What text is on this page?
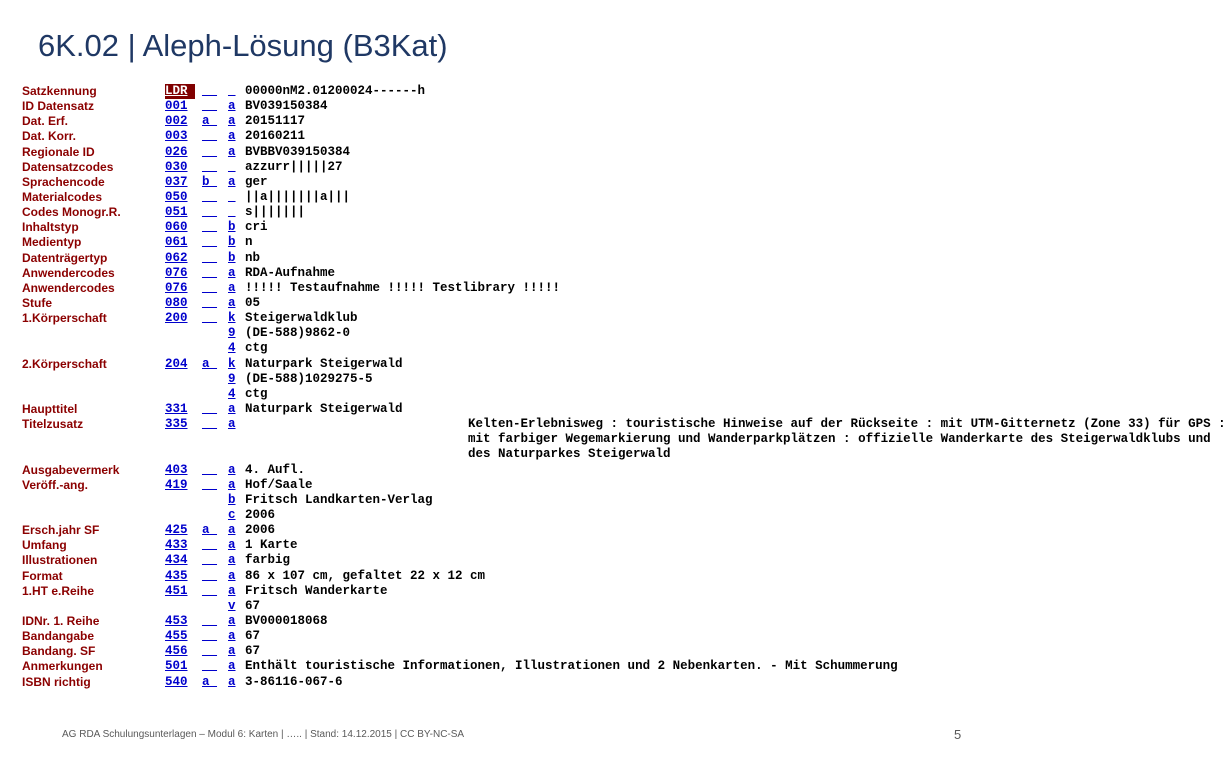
6K.02 | Aleph-Lösung (B3Kat)
Satzkennung	LDR	__ _ 00000nM2.01200024------h
ID Datensatz	001	__ a BV039150384
Dat. Erf.	002	a_ a 20151117
Dat. Korr.	003	__ a 20160211
Regionale ID	026	__ a BVBBV039150384
Datensatzcodes	030	__ _ azzurr|||||27
Sprachencode	037	b_ a ger
Materialcodes	050	__ _ ||a|||||||a|||
Codes Monogr.R.	051	__ _ s|||||||
Inhaltstyp	060	__ b cri
Medientyp	061	__ b n
Datenträgertyp	062	__ b nb
Anwendercodes	076	__ a RDA-Aufnahme
Anwendercodes	076	__ a !!!!! Testaufnahme !!!!! Testlibrary !!!!!
Stufe	080	__ a 05
1.Körperschaft	200	__ k Steigerwaldklub
9 (DE-588)9862-0
4 ctg
2.Körperschaft	204	a_ k Naturpark Steigerwald
9 (DE-588)1029275-5
4 ctg
Haupttitel	331	__ a Naturpark Steigerwald
Titelzusatz	335	__ a	Kelten-Erlebnisweg : touristische Hinweise auf der Rückseite : mit UTM-Gitternetz (Zone 33) für GPS : mit farbiger Wegemarkierung und Wanderparkplätzen : offizielle Wanderkarte des Steigerwaldklubs und des Naturparkes Steigerwald
Ausgabevermerk	403	__ a 4. Aufl.
Veröff.-ang.	419	__ a Hof/Saale
b Fritsch Landkarten-Verlag
c 2006
Ersch.jahr SF	425	a_ a 2006
Umfang	433	__ a 1 Karte
Illustrationen	434	__ a farbig
Format	435	__ a 86 x 107 cm, gefaltet 22 x 12 cm
1.HT e.Reihe	451	__ a Fritsch Wanderkarte
v 67
IDNr. 1. Reihe	453	__ a BV000018068
Bandangabe	455	__ a 67
Bandang. SF	456	__ a 67
Anmerkungen	501	__ a Enthält touristische Informationen, Illustrationen und 2 Nebenkarten. - Mit Schummerung
ISBN richtig	540	a_ a 3-86116-067-6
AG RDA Schulungsunterlagen – Modul 6: Karten | ….. | Stand: 14.12.2015 | CC BY-NC-SA	5
